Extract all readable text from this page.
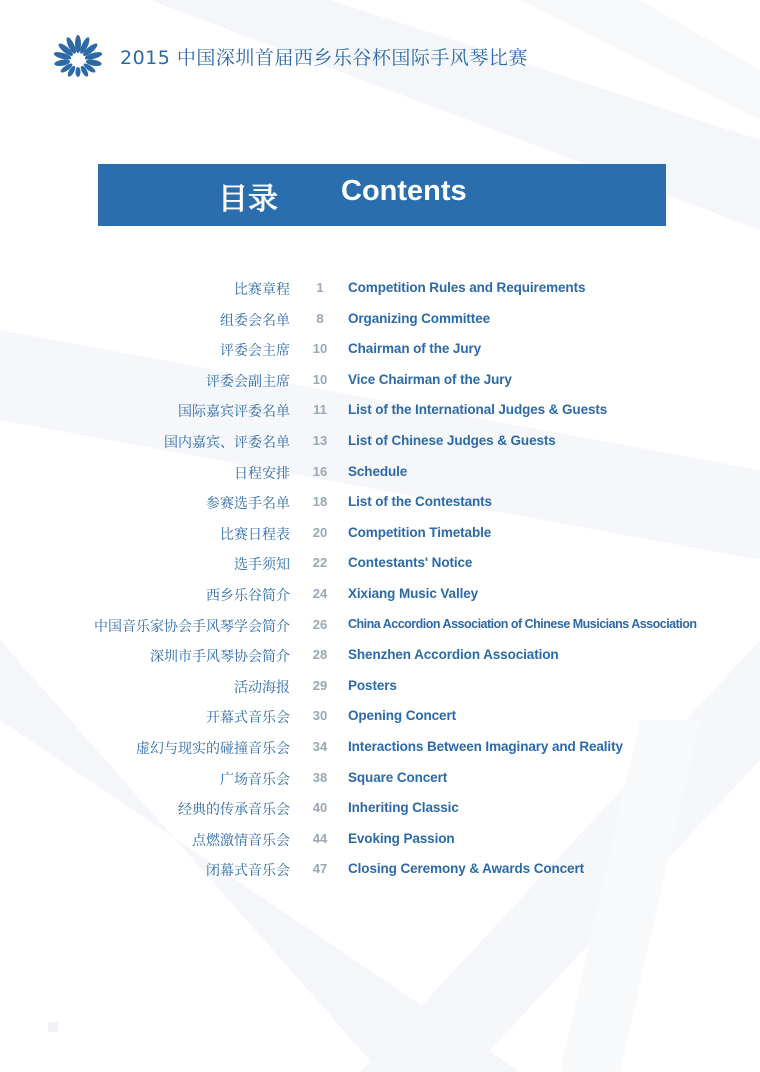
2015 中国深圳首届西乡乐谷杯国际手风琴比赛
目录 Contents
比赛章程	1	Competition Rules and Requirements
组委会名单	8	Organizing Committee
评委会主席	10	Chairman of the Jury
评委会副主席	10	Vice Chairman of the Jury
国际嘉宾评委名单	11	List of the International Judges & Guests
国内嘉宾、评委名单	13	List of Chinese Judges & Guests
日程安排	16	Schedule
参赛选手名单	18	List of the Contestants
比赛日程表	20	Competition Timetable
选手须知	22	Contestants' Notice
西乡乐谷简介	24	Xixiang Music Valley
中国音乐家协会手风琴学会简介	26	China Accordion Association of Chinese Musicians Association
深圳市手风琴协会简介	28	Shenzhen Accordion Association
活动海报	29	Posters
开幕式音乐会	30	Opening Concert
虚幻与现实的碰撞音乐会	34	Interactions Between Imaginary and Reality
广场音乐会	38	Square Concert
经典的传承音乐会	40	Inheriting Classic
点燃激情音乐会	44	Evoking Passion
闭幕式音乐会	47	Closing Ceremony & Awards Concert
